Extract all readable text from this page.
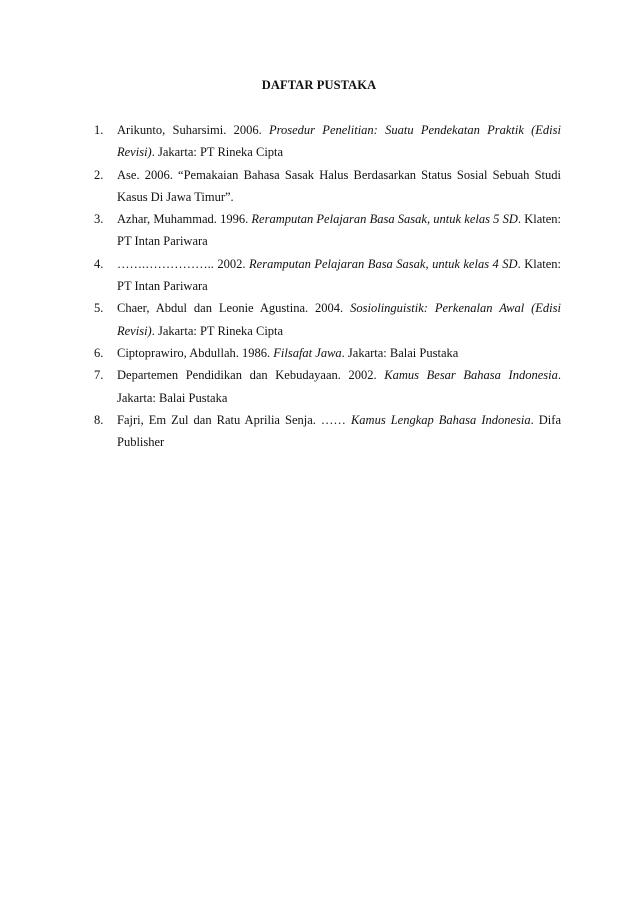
DAFTAR PUSTAKA
1. Arikunto, Suharsimi. 2006. Prosedur Penelitian: Suatu Pendekatan Praktik (Edisi Revisi). Jakarta: PT Rineka Cipta
2. Ase. 2006. “Pemakaian Bahasa Sasak Halus Berdasarkan Status Sosial Sebuah Studi Kasus Di Jawa Timur”.
3. Azhar, Muhammad. 1996. Reramputan Pelajaran Basa Sasak, untuk kelas 5 SD. Klaten: PT Intan Pariwara
4. …….…………….. 2002. Reramputan Pelajaran Basa Sasak, untuk kelas 4 SD. Klaten: PT Intan Pariwara
5. Chaer, Abdul dan Leonie Agustina. 2004. Sosiolinguistik: Perkenalan Awal (Edisi Revisi). Jakarta: PT Rineka Cipta
6. Ciptoprawiro, Abdullah. 1986. Filsafat Jawa. Jakarta: Balai Pustaka
7. Departemen Pendidikan dan Kebudayaan. 2002. Kamus Besar Bahasa Indonesia. Jakarta: Balai Pustaka
8. Fajri, Em Zul dan Ratu Aprilia Senja. …… Kamus Lengkap Bahasa Indonesia. Difa Publisher
